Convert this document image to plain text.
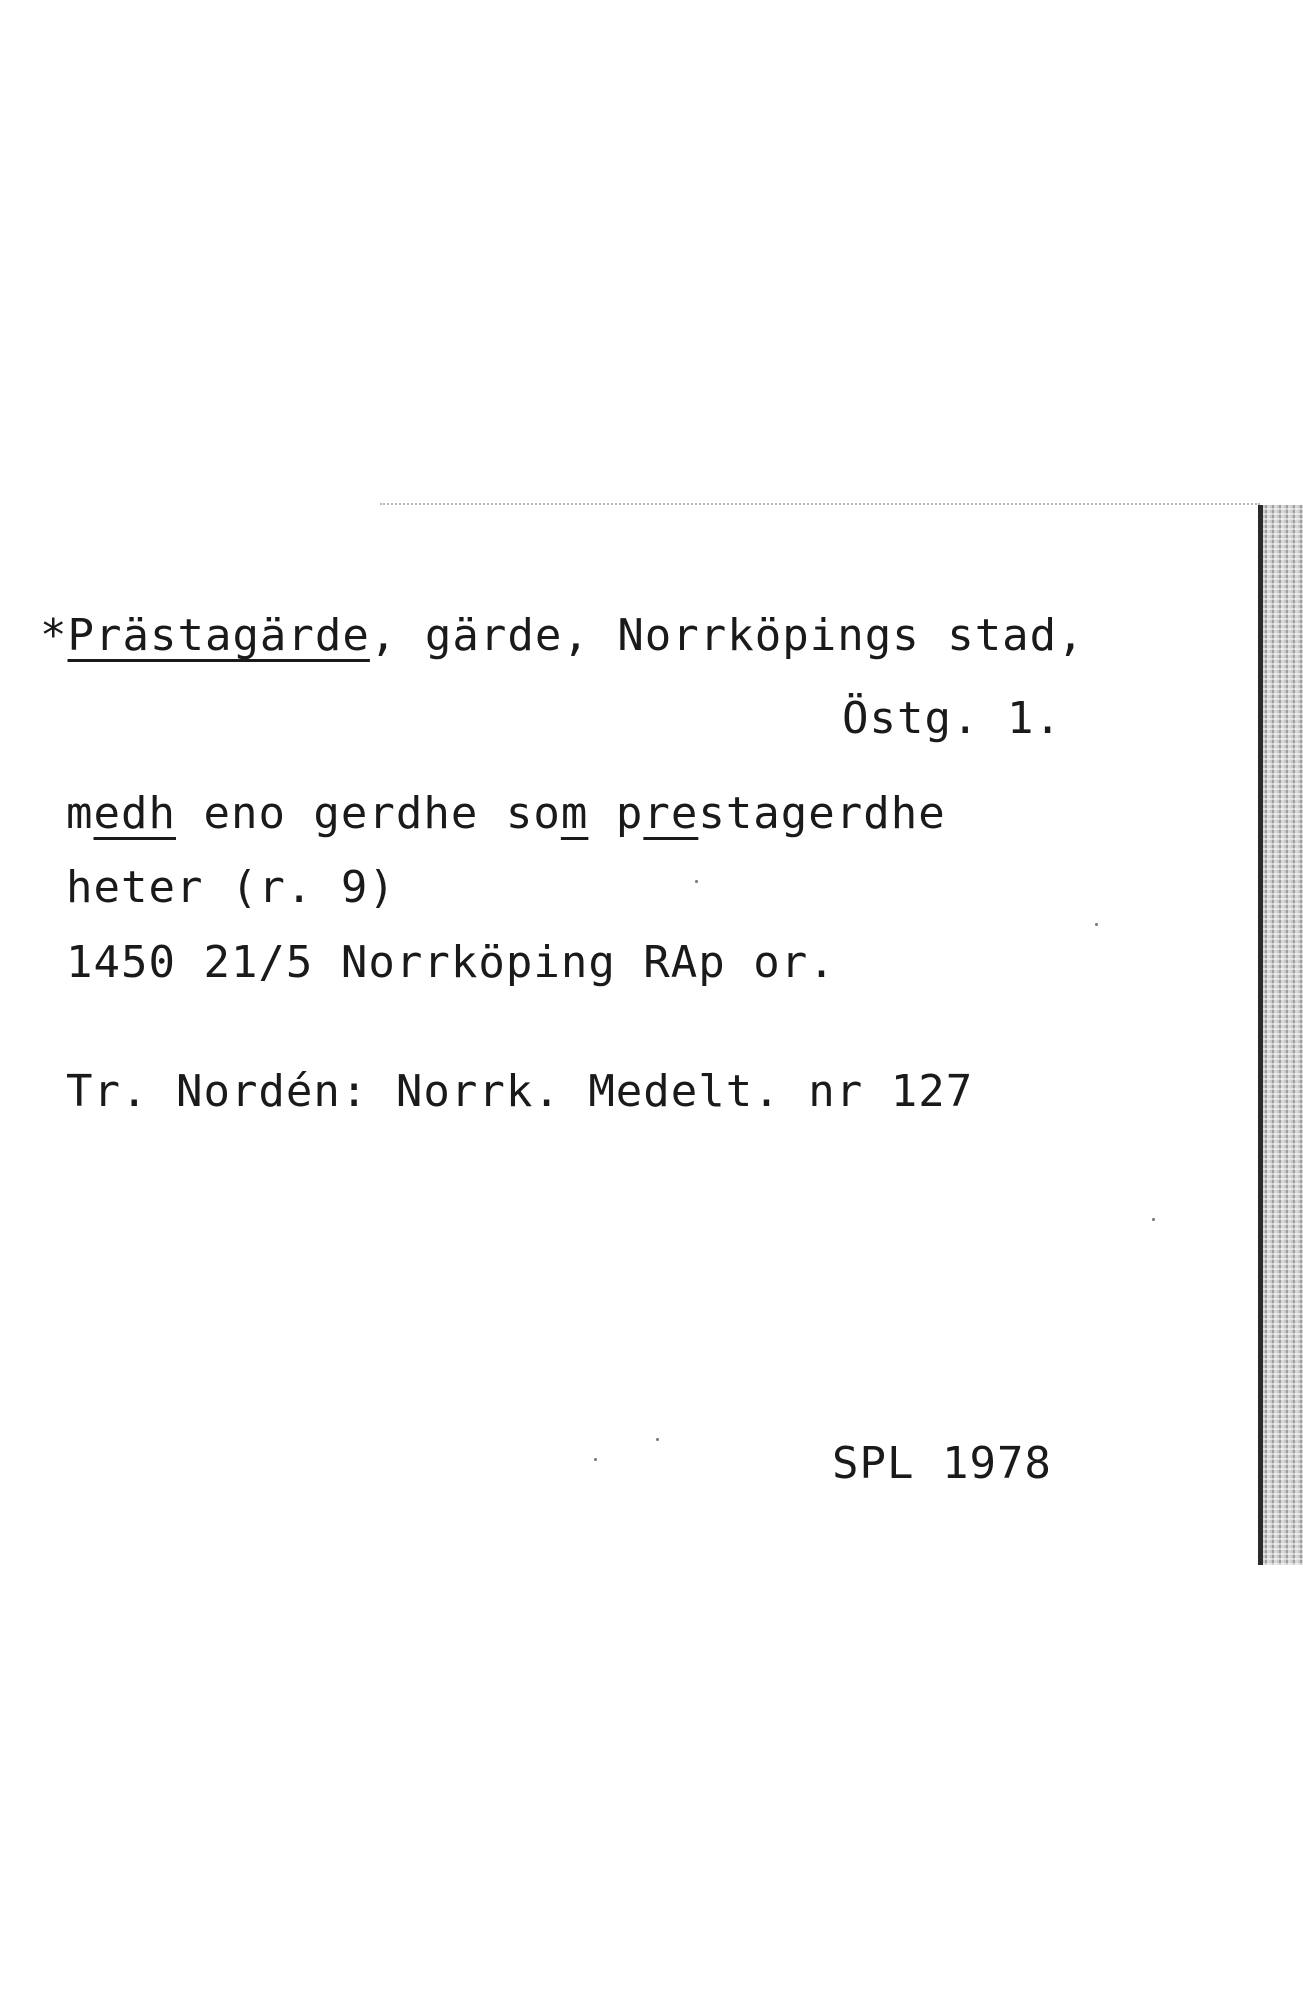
*Prästagärde, gärde, Norrköpings stad,
Östg. 1.
medh eno gerdhe som prestagerdhe
heter (r. 9)
1450 21/5 Norrköping RAp or.
Tr. Nordén: Norrk. Medelt. nr 127
SPL 1978
